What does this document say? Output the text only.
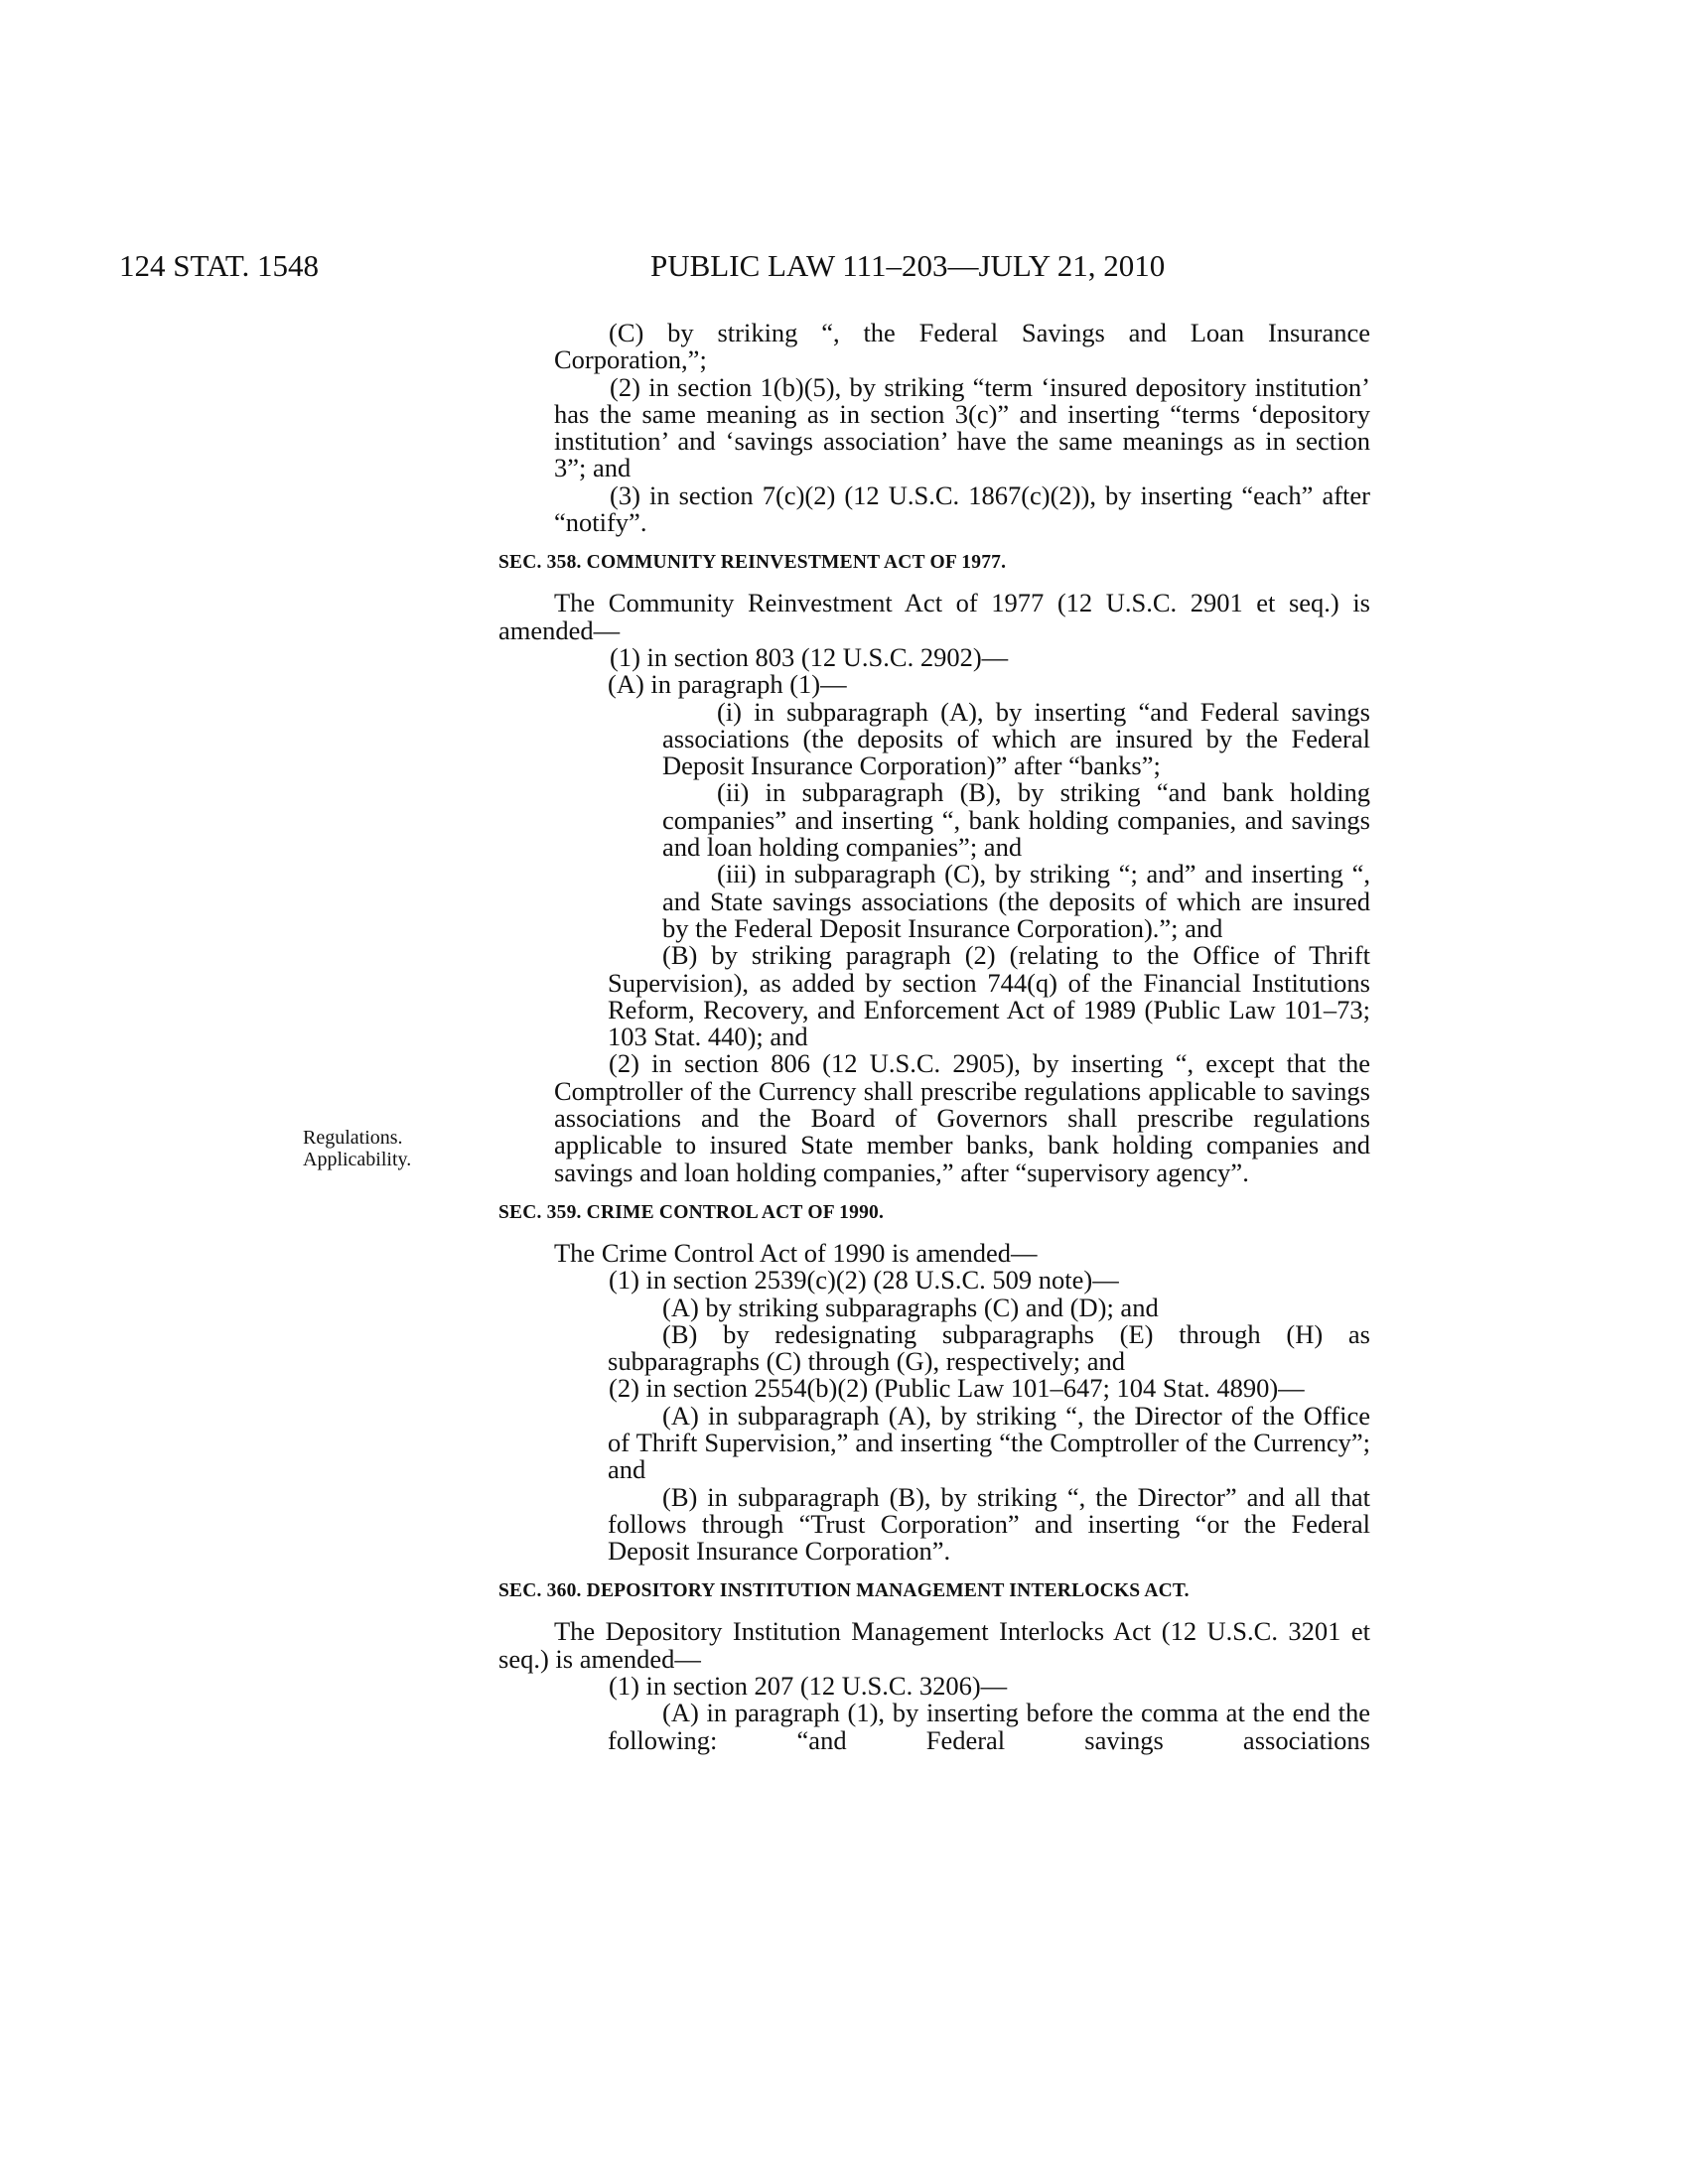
124 STAT. 1548	PUBLIC LAW 111–203—JULY 21, 2010
Regulations.
Applicability.
(C) by striking “, the Federal Savings and Loan Insurance Corporation,”;
(2) in section 1(b)(5), by striking “term ‘insured depository institution’ has the same meaning as in section 3(c)” and inserting “terms ‘depository institution’ and ‘savings association’ have the same meanings as in section 3”; and
(3) in section 7(c)(2) (12 U.S.C. 1867(c)(2)), by inserting “each” after “notify”.
SEC. 358. COMMUNITY REINVESTMENT ACT OF 1977.
The Community Reinvestment Act of 1977 (12 U.S.C. 2901 et seq.) is amended—
(1) in section 803 (12 U.S.C. 2902)—
(A) in paragraph (1)—
(i) in subparagraph (A), by inserting “and Federal savings associations (the deposits of which are insured by the Federal Deposit Insurance Corporation)” after “banks”;
(ii) in subparagraph (B), by striking “and bank holding companies” and inserting “, bank holding companies, and savings and loan holding companies”; and
(iii) in subparagraph (C), by striking “; and” and inserting “, and State savings associations (the deposits of which are insured by the Federal Deposit Insurance Corporation).”; and
(B) by striking paragraph (2) (relating to the Office of Thrift Supervision), as added by section 744(q) of the Financial Institutions Reform, Recovery, and Enforcement Act of 1989 (Public Law 101–73; 103 Stat. 440); and
(2) in section 806 (12 U.S.C. 2905), by inserting “, except that the Comptroller of the Currency shall prescribe regulations applicable to savings associations and the Board of Governors shall prescribe regulations applicable to insured State member banks, bank holding companies and savings and loan holding companies,” after “supervisory agency”.
SEC. 359. CRIME CONTROL ACT OF 1990.
The Crime Control Act of 1990 is amended—
(1) in section 2539(c)(2) (28 U.S.C. 509 note)—
(A) by striking subparagraphs (C) and (D); and
(B) by redesignating subparagraphs (E) through (H) as subparagraphs (C) through (G), respectively; and
(2) in section 2554(b)(2) (Public Law 101–647; 104 Stat. 4890)—
(A) in subparagraph (A), by striking “, the Director of the Office of Thrift Supervision,” and inserting “the Comptroller of the Currency”; and
(B) in subparagraph (B), by striking “, the Director” and all that follows through “Trust Corporation” and inserting “or the Federal Deposit Insurance Corporation”.
SEC. 360. DEPOSITORY INSTITUTION MANAGEMENT INTERLOCKS ACT.
The Depository Institution Management Interlocks Act (12 U.S.C. 3201 et seq.) is amended—
(1) in section 207 (12 U.S.C. 3206)—
(A) in paragraph (1), by inserting before the comma at the end the following: “and Federal savings associations
